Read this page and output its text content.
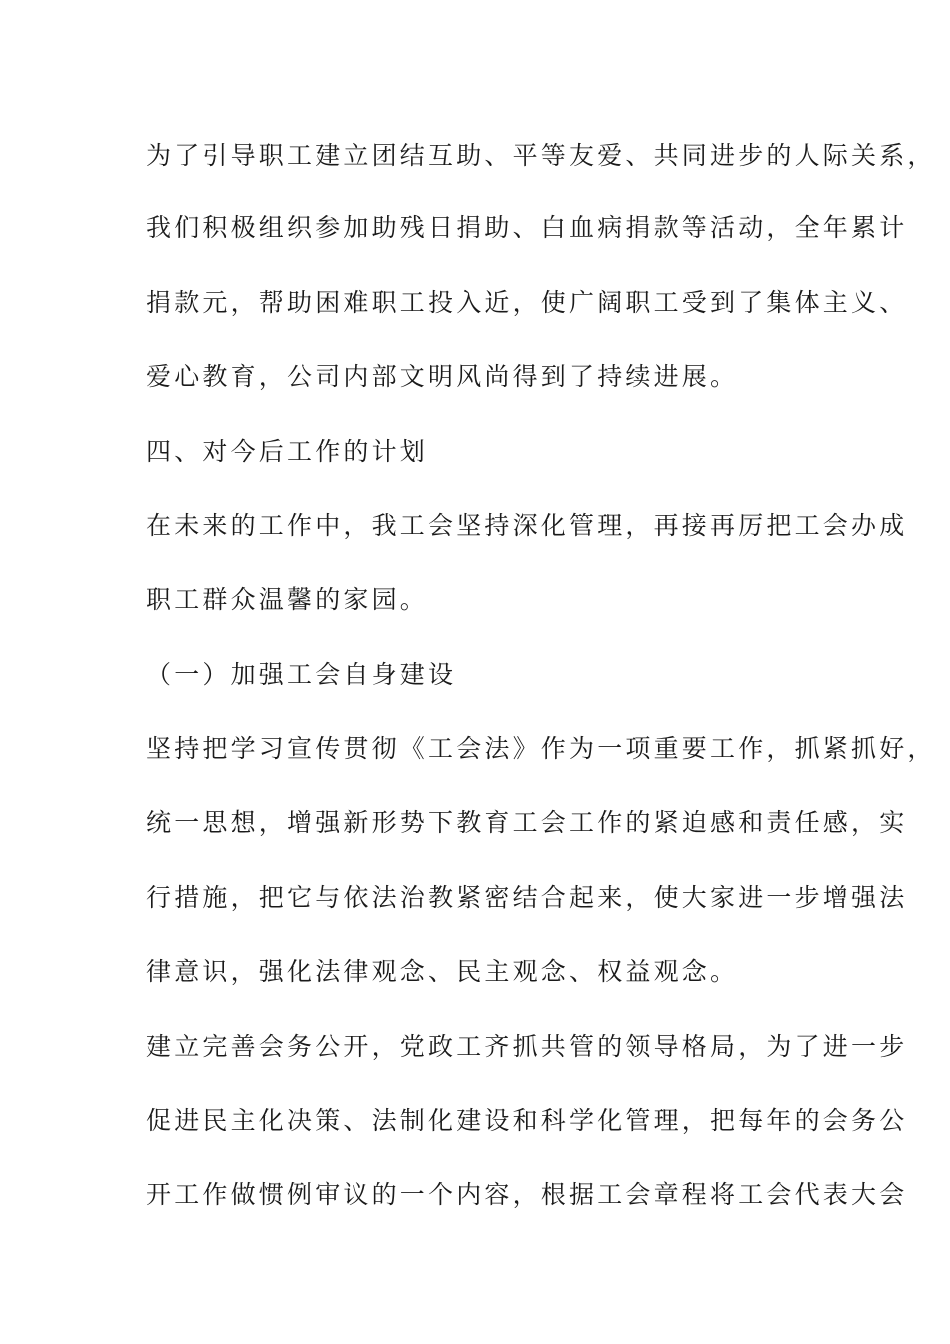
为了引导职工建立团结互助、平等友爱、共同进步的人际关系，
我们积极组织参加助残日捐助、白血病捐款等活动，全年累计
捐款元，帮助困难职工投入近，使广阔职工受到了集体主义、
爱心教育，公司内部文明风尚得到了持续进展。
四、对今后工作的计划
在未来的工作中，我工会坚持深化管理，再接再厉把工会办成
职工群众温馨的家园。
（一）加强工会自身建设
坚持把学习宣传贯彻《工会法》作为一项重要工作，抓紧抓好，
统一思想，增强新形势下教育工会工作的紧迫感和责任感，实
行措施，把它与依法治教紧密结合起来，使大家进一步增强法
律意识，强化法律观念、民主观念、权益观念。
建立完善会务公开，党政工齐抓共管的领导格局，为了进一步
促进民主化决策、法制化建设和科学化管理，把每年的会务公
开工作做惯例审议的一个内容，根据工会章程将工会代表大会
